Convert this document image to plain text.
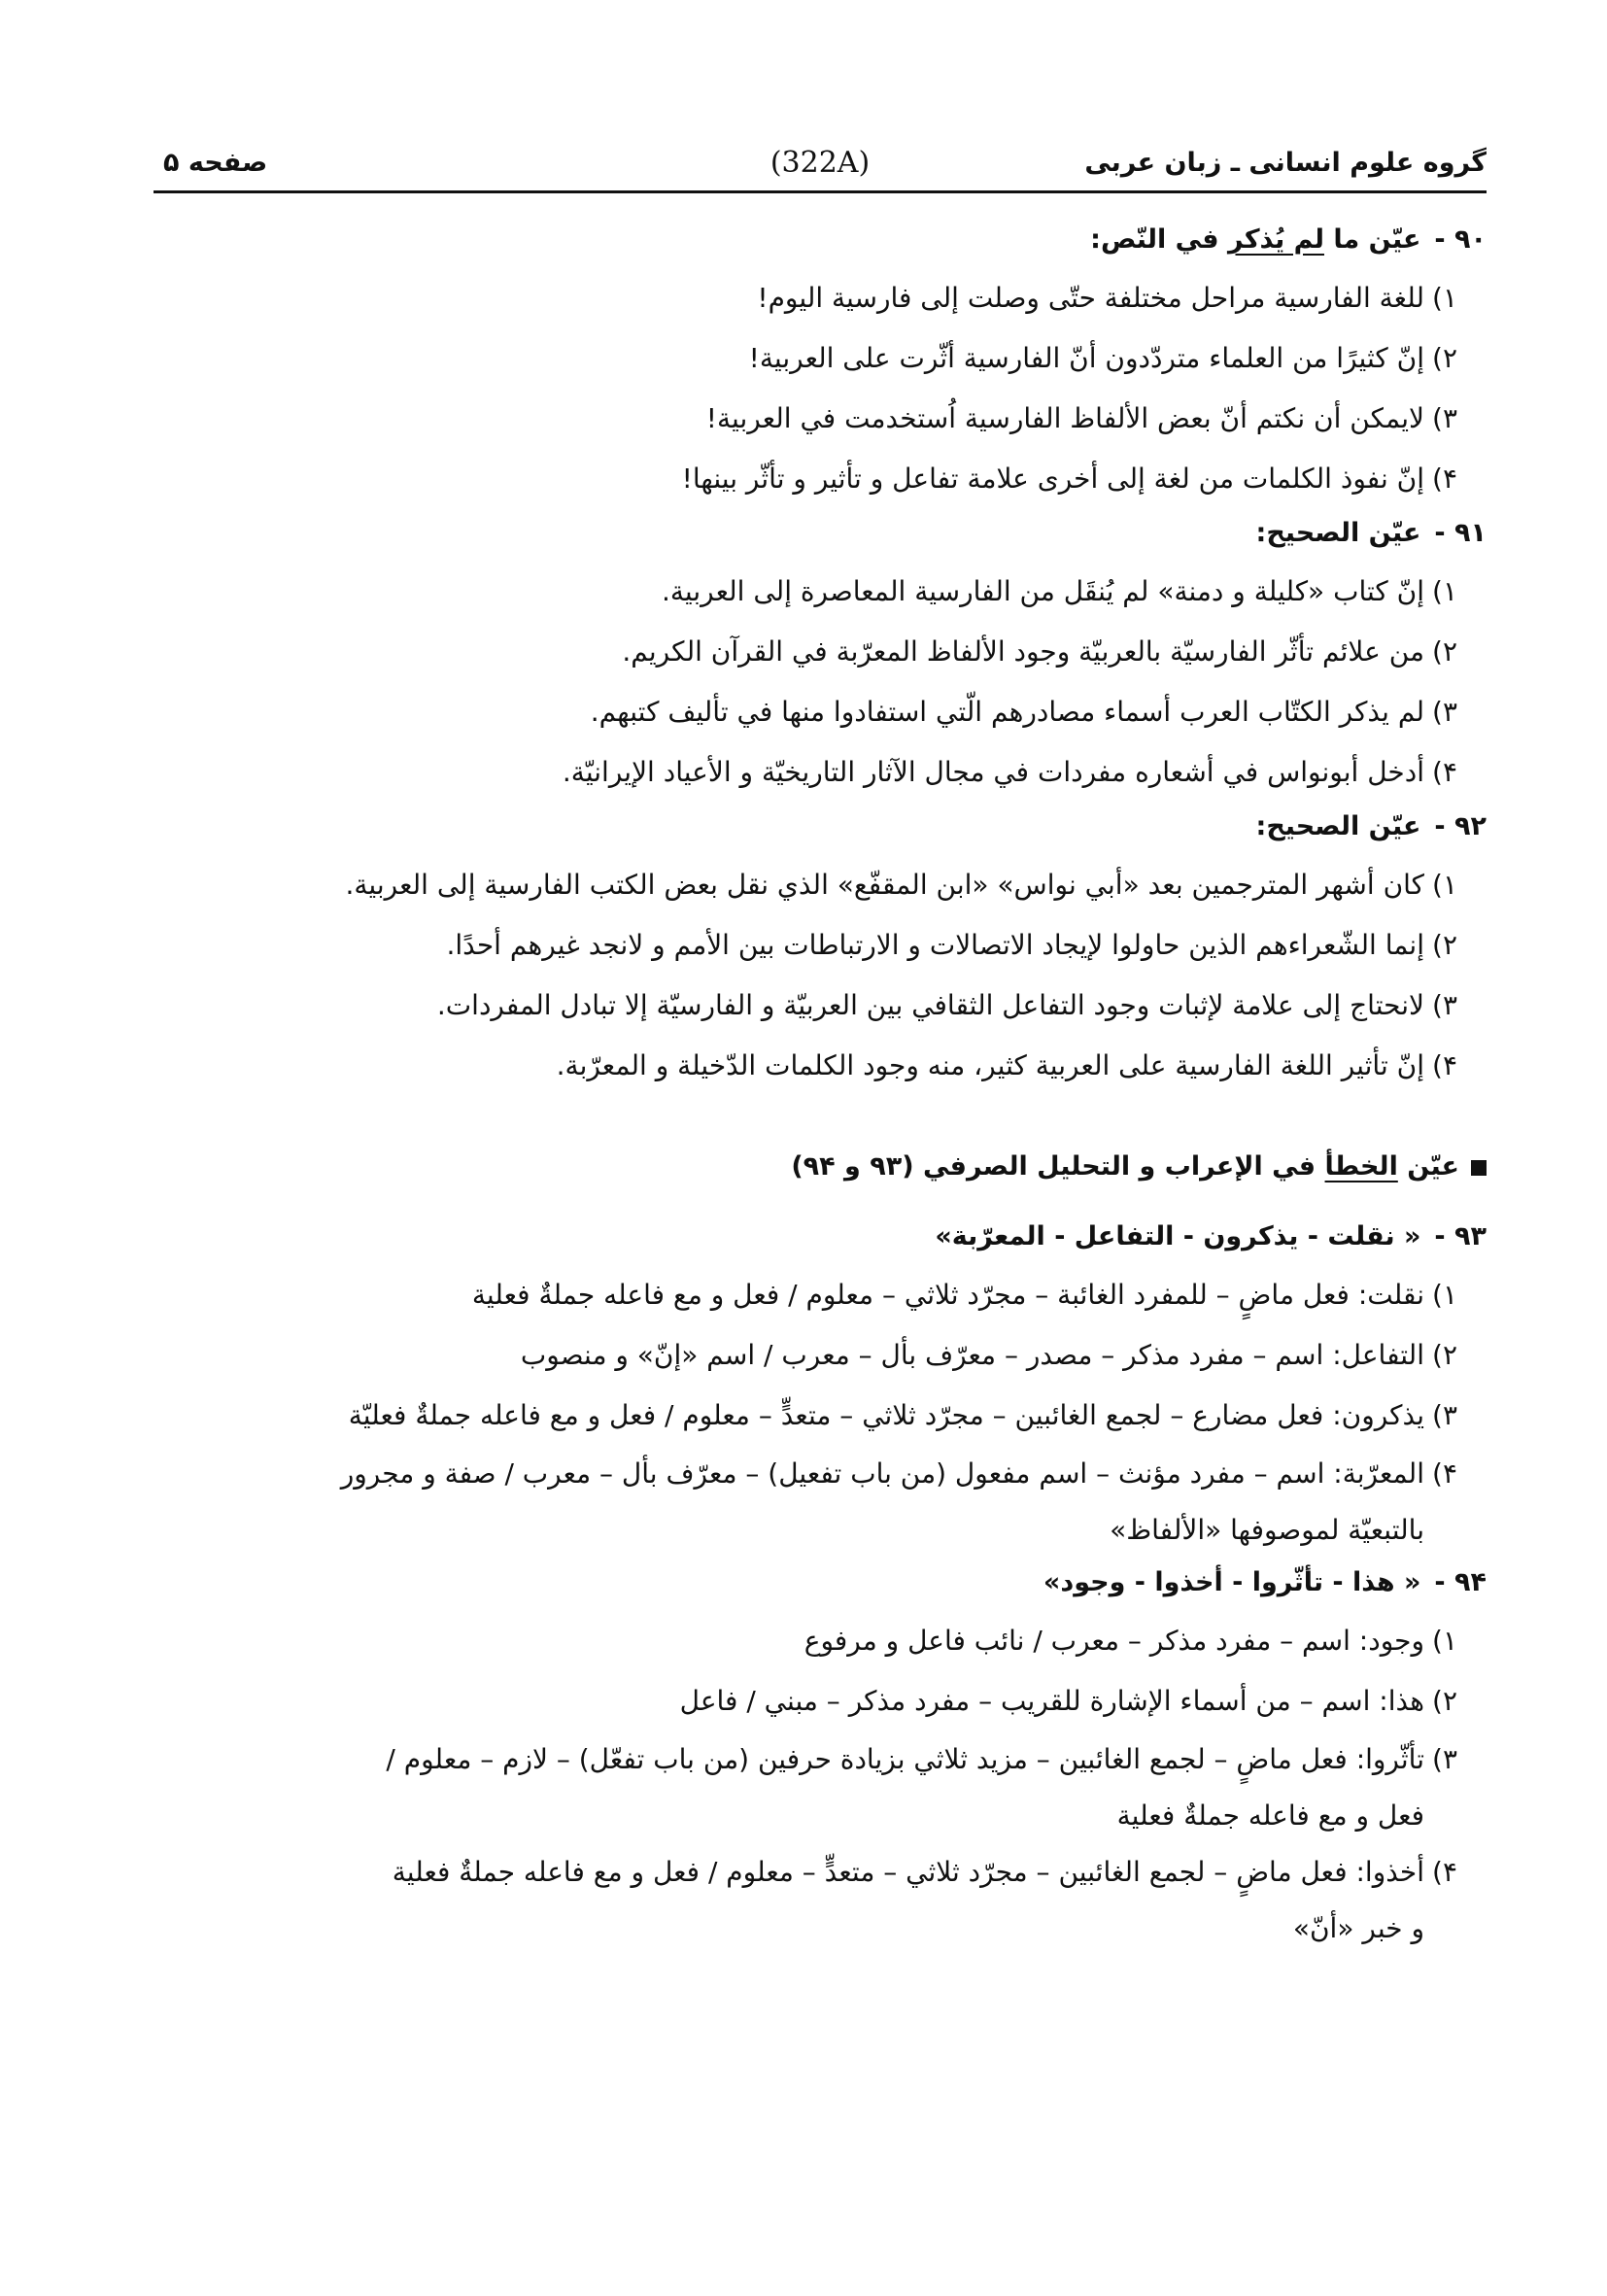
گروه علوم انسانی ـ زبان عربی
(322A)
صفحه ۵
۹۰ -عيّن ما لم يُذكر في النّص:
۱)للغة الفارسية مراحل مختلفة حتّى وصلت إلى فارسية اليوم!
۲)إنّ كثيرًا من العلماء متردّدون أنّ الفارسية أثّرت على العربية!
۳)لايمكن أن نكتم أنّ بعض الألفاظ الفارسية اُستخدمت في العربية!
۴)إنّ نفوذ الكلمات من لغة إلى أخرى علامة تفاعل و تأثير و تأثّر بينها!
۹۱ -عيّن الصحيح:
۱)إنّ كتاب «كليلة و دمنة» لم يُنقَل من الفارسية المعاصرة إلى العربية.
۲)من علائم تأثّر الفارسيّة بالعربيّة وجود الألفاظ المعرّبة في القرآن الكريم.
۳)لم يذكر الكتّاب العرب أسماء مصادرهم الّتي استفادوا منها في تأليف كتبهم.
۴)أدخل أبونواس في أشعاره مفردات في مجال الآثار التاريخيّة و الأعياد الإيرانيّة.
۹۲ -عيّن الصحيح:
۱)كان أشهر المترجمين بعد «أبي نواس» «ابن المقفّع» الذي نقل بعض الكتب الفارسية إلى العربية.
۲)إنما الشّعراءهم الذين حاولوا لإيجاد الاتصالات و الارتباطات بين الأمم و لانجد غيرهم أحدًا.
۳)لانحتاج إلى علامة لإثبات وجود التفاعل الثقافي بين العربيّة و الفارسيّة إلا تبادل المفردات.
۴)إنّ تأثير اللغة الفارسية على العربية كثير، منه وجود الكلمات الدّخيلة و المعرّبة.
عيّن الخطأ في الإعراب و التحليل الصرفي (۹۳ و ۹۴)
۹۳ -« نقلت - يذكرون - التفاعل - المعرّبة»
۱)نقلت: فعل ماضٍ – للمفرد الغائبة – مجرّد ثلاثي – معلوم / فعل و مع فاعله جملةٌ فعلية
۲)التفاعل: اسم – مفرد مذكر – مصدر – معرّف بأل – معرب / اسم «إنّ» و منصوب
۳)يذكرون: فعل مضارع – لجمع الغائبين – مجرّد ثلاثي – متعدٍّ – معلوم / فعل و مع فاعله جملةٌ فعليّة
۴)المعرّبة: اسم – مفرد مؤنث – اسم مفعول (من باب تفعيل) – معرّف بأل – معرب / صفة و مجرور
بالتبعيّة لموصوفها «الألفاظ»
۹۴ -« هذا - تأثّروا - أخذوا - وجود»
۱)وجود: اسم – مفرد مذكر – معرب / نائب فاعل و مرفوع
۲)هذا: اسم – من أسماء الإشارة للقريب – مفرد مذكر – مبني / فاعل
۳)تأثّروا: فعل ماضٍ – لجمع الغائبين – مزيد ثلاثي بزيادة حرفين (من باب تفعّل) – لازم – معلوم /
فعل و مع فاعله جملةٌ فعلية
۴)أخذوا: فعل ماضٍ – لجمع الغائبين – مجرّد ثلاثي – متعدٍّ – معلوم / فعل و مع فاعله جملةٌ فعلية
و خبر «أنّ»
